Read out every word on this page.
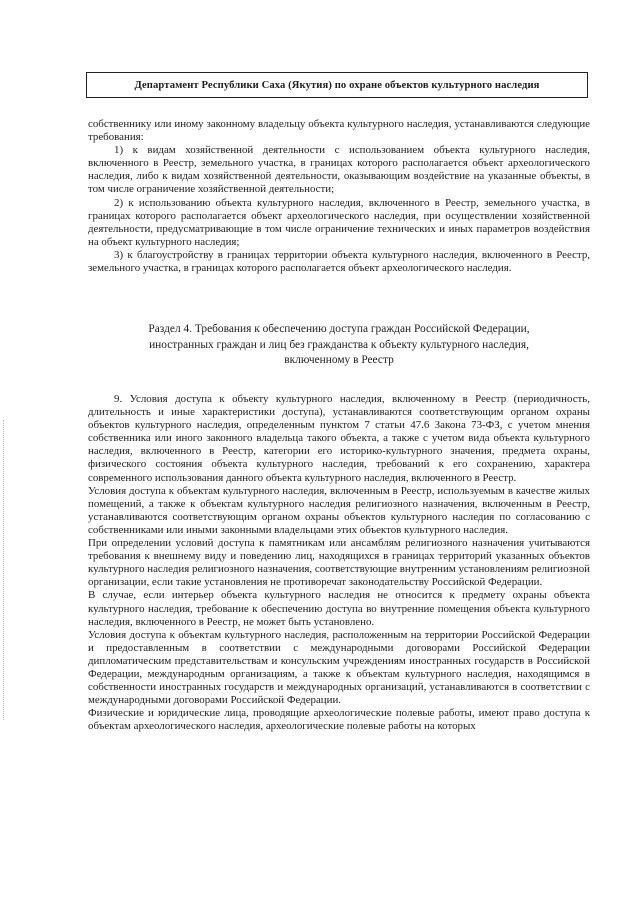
Департамент Республики Саха (Якутия) по охране объектов культурного наследия

собственнику или иному законному владельцу объекта культурного наследия, устанавливаются следующие требования:

1) к видам хозяйственной деятельности с использованием объекта культурного наследия, включенного в Реестр, земельного участка, в границах которого располагается объект археологического наследия, либо к видам хозяйственной деятельности, оказывающим воздействие на указанные объекты, в том числе ограничение хозяйственной деятельности;

2) к использованию объекта культурного наследия, включенного в Реестр, земельного участка, в границах которого располагается объект археологического наследия, при осуществлении хозяйственной деятельности, предусматривающие в том числе ограничение технических и иных параметров воздействия на объект культурного наследия;

3) к благоустройству в границах территории объекта культурного наследия, включенного в Реестр, земельного участка, в границах которого располагается объект археологического наследия.

Раздел 4. Требования к обеспечению доступа граждан Российской Федерации,
иностранных граждан и лиц без гражданства к объекту культурного наследия,
включенному в Реестр

9. Условия доступа к объекту культурного наследия, включенному в Реестр (периодичность, длительность и иные характеристики доступа), устанавливаются соответствующим органом охраны объектов культурного наследия, определенным пунктом 7 статьи 47.6 Закона 73-ФЗ, с учетом мнения собственника или иного законного владельца такого объекта, а также с учетом вида объекта культурного наследия, включенного в Реестр, категории его историко-культурного значения, предмета охраны, физического состояния объекта культурного наследия, требований к его сохранению, характера современного использования данного объекта культурного наследия, включенного в Реестр.

Условия доступа к объектам культурного наследия, включенным в Реестр, используемым в качестве жилых помещений, а также к объектам культурного наследия религиозного назначения, включенным в Реестр, устанавливаются соответствующим органом охраны объектов культурного наследия по согласованию с собственниками или иными законными владельцами этих объектов культурного наследия.

При определении условий доступа к памятникам или ансамблям религиозного назначения учитываются требования к внешнему виду и поведению лиц, находящихся в границах территорий указанных объектов культурного наследия религиозного назначения, соответствующие внутренним установлениям религиозной организации, если такие установления не противоречат законодательству Российской Федерации.

В случае, если интерьер объекта культурного наследия не относится к предмету охраны объекта культурного наследия, требование к обеспечению доступа во внутренние помещения объекта культурного наследия, включенного в Реестр, не может быть установлено.

Условия доступа к объектам культурного наследия, расположенным на территории Российской Федерации и предоставленным в соответствии с международными договорами Российской Федерации дипломатическим представительствам и консульским учреждениям иностранных государств в Российской Федерации, международным организациям, а также к объектам культурного наследия, находящимся в собственности иностранных государств и международных организаций, устанавливаются в соответствии с международными договорами Российской Федерации.

Физические и юридические лица, проводящие археологические полевые работы, имеют право доступа к объектам археологического наследия, археологические полевые работы на которых
